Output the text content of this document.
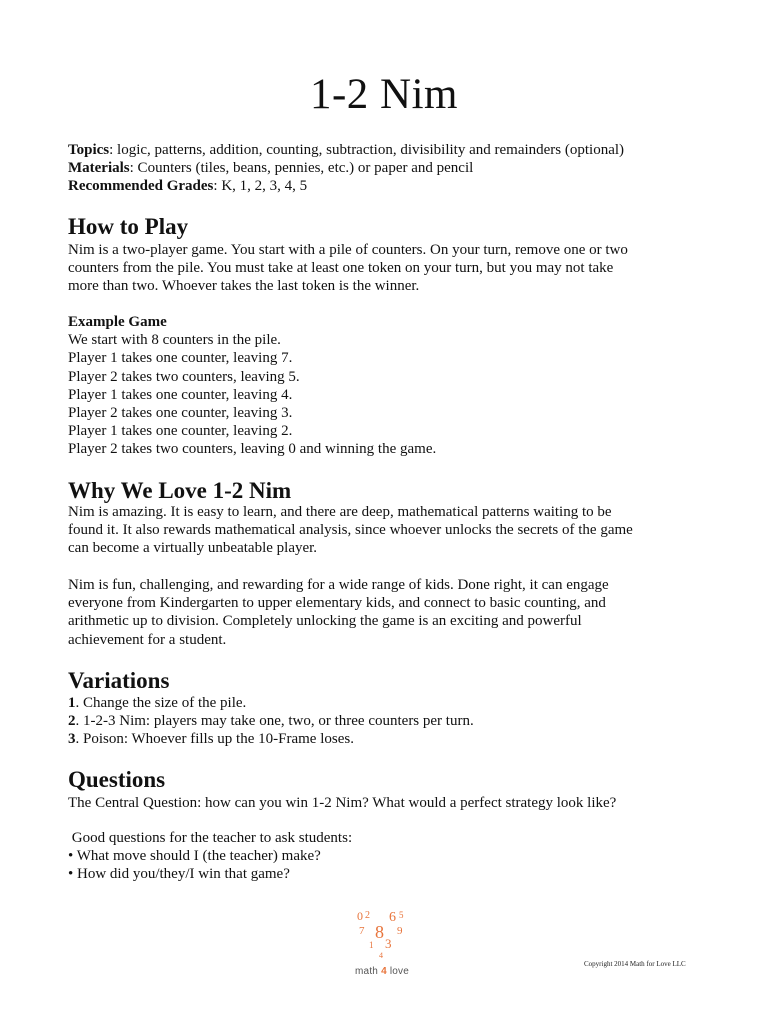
1-2 Nim
Topics: logic, patterns, addition, counting, subtraction, divisibility and remainders (optional)
Materials: Counters (tiles, beans, pennies, etc.) or paper and pencil
Recommended Grades: K, 1, 2, 3, 4, 5
How to Play
Nim is a two-player game. You start with a pile of counters. On your turn, remove one or two
counters from the pile. You must take at least one token on your turn, but you may not take
more than two. Whoever takes the last token is the winner.
Example Game
We start with 8 counters in the pile.
Player 1 takes one counter, leaving 7.
Player 2 takes two counters, leaving 5.
Player 1 takes one counter, leaving 4.
Player 2 takes one counter, leaving 3.
Player 1 takes one counter, leaving 2.
Player 2 takes two counters, leaving 0 and winning the game.
Why We Love 1-2 Nim
Nim is amazing. It is easy to learn, and there are deep, mathematical patterns waiting to be
found it. It also rewards mathematical analysis, since whoever unlocks the secrets of the game
can become a virtually unbeatable player.
Nim is fun, challenging, and rewarding for a wide range of kids. Done right, it can engage
everyone from Kindergarten to upper elementary kids, and connect to basic counting, and
arithmetic up to division. Completely unlocking the game is an exciting and powerful
achievement for a student.
Variations
1. Change the size of the pile.
2. 1-2-3 Nim: players may take one, two, or three counters per turn.
3. Poison: Whoever fills up the 10-Frame loses.
Questions
The Central Question: how can you win 1-2 Nim? What would a perfect strategy look like?
Good questions for the teacher to ask students:
• What move should I (the teacher) make?
• How did you/they/I win that game?
0 2 6
8
7
3
9
1
4
5
math 4 love
Copyright 2014 Math for Love LLC
